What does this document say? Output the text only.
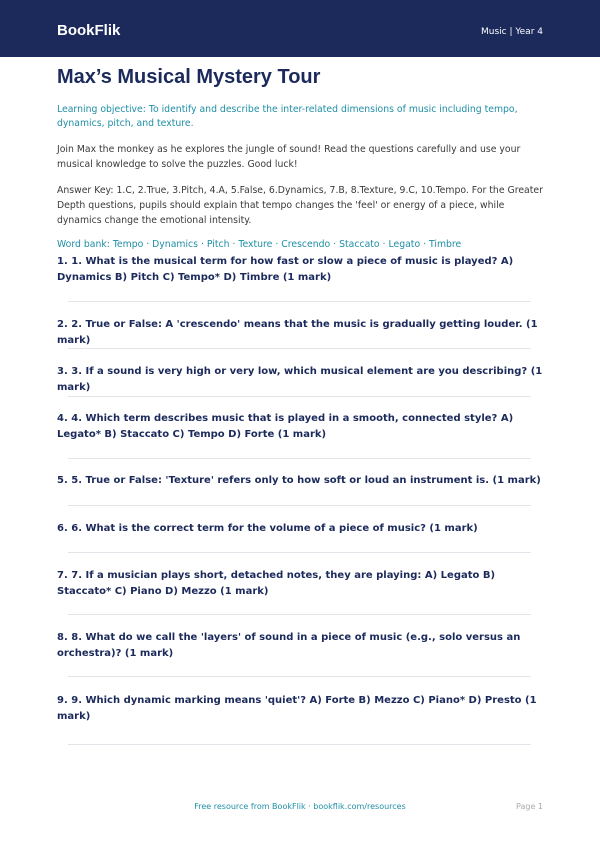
BookFlik	Music | Year 4
Max’s Musical Mystery Tour
Learning objective: To identify and describe the inter-related dimensions of music including tempo, dynamics, pitch, and texture.
Join Max the monkey as he explores the jungle of sound! Read the questions carefully and use your musical knowledge to solve the puzzles. Good luck!
Answer Key: 1.C, 2.True, 3.Pitch, 4.A, 5.False, 6.Dynamics, 7.B, 8.Texture, 9.C, 10.Tempo. For the Greater Depth questions, pupils should explain that tempo changes the 'feel' or energy of a piece, while dynamics change the emotional intensity.
Word bank: Tempo · Dynamics · Pitch · Texture · Crescendo · Staccato · Legato · Timbre
1. 1. What is the musical term for how fast or slow a piece of music is played? A) Dynamics B) Pitch C) Tempo* D) Timbre (1 mark)
2. 2. True or False: A 'crescendo' means that the music is gradually getting louder. (1 mark)
3. 3. If a sound is very high or very low, which musical element are you describing? (1 mark)
4. 4. Which term describes music that is played in a smooth, connected style? A) Legato* B) Staccato C) Tempo D) Forte (1 mark)
5. 5. True or False: 'Texture' refers only to how soft or loud an instrument is. (1 mark)
6. 6. What is the correct term for the volume of a piece of music? (1 mark)
7. 7. If a musician plays short, detached notes, they are playing: A) Legato B) Staccato* C) Piano D) Mezzo (1 mark)
8. 8. What do we call the 'layers' of sound in a piece of music (e.g., solo versus an orchestra)? (1 mark)
9. 9. Which dynamic marking means 'quiet'? A) Forte B) Mezzo C) Piano* D) Presto (1 mark)
Free resource from BookFlik · bookflik.com/resources	Page 1
